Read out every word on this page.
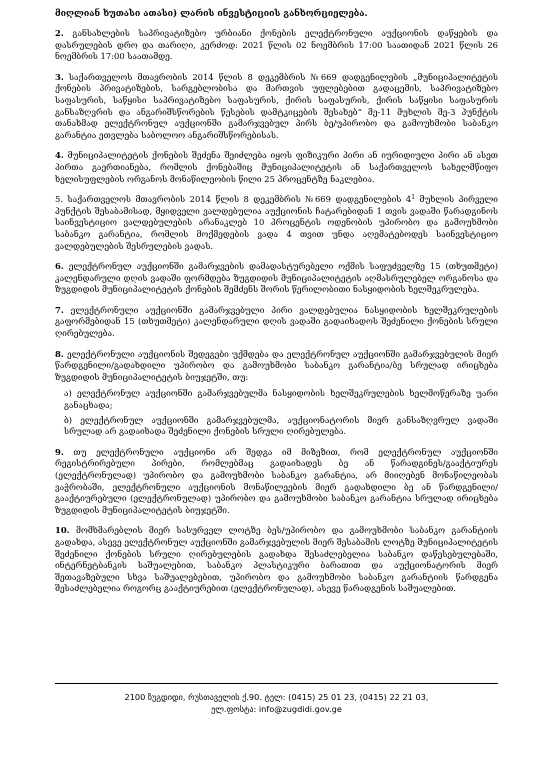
მიღლიან ხუთასი ათასი) ლარის ინვესტიციის განხორციელება.

2. განსახლების საპრივატიზებო ურბიანი ქონების ელექტრონული აუქციონის დაწყების და დასრულების დრო და თარიღი, კერძოდ: 2021 წლის 02 ნოემბრის 17:00 საათიდან 2021 წლის 26 ნოემბრის 17:00 საათამდე.

3. საქართველოს მთავრობის 2014 წლის 8 დეკემბრის №669 დადგენილების „მუნიციპალიტეტის ქონების პრივატიზების, სარგებლობისა და მართვის უფლებებით გადაცემის, საპრივატიზებო საფასურის, საწყისი საპრივატიზებო საფასურის, ქირის საფასურის, ქირის საწყისი საფასურის განსაზღვრის და ანგარიშსწორების წესების დამტკიცების შესახებ“ მე-11 მუხლის მე-3 პუნქტის თანახმად ელექტრონულ აუქციონში გამარჯვებულ პირს ბე/უპირობო და გამოუხმობი საბანკო გარანტია ეთვლება საბოლოო ანგარიშსწორებისას.

4. მუნიციპალიტეტის ქონების შეძენა შეიძლება იყოს ფიზიკური პირი ან იურიდიული პირი ან ასეთ პირთა გაერთიანება, რომლის ქონებაშიც მუნიციპალიტეტის ან საქართველოს სახელმწიფო ხელისუფლების ორგანოს მონაწილეობის წილი 25 პროცენტზე ნაკლებია.

5. საქართველოს მთავრობის 2014 წლის 8 დეკემბრის №669 დადგენილების $4^1$ მუხლის პირველი პუნქტის შესაბამისად, მყიდველი ვალდებულია აუქციონის ჩატარებიდან 1 თვის ვადაში წარადგინოს საინვესტიციო ვალდებულების არანაკლებ 10 პროცენტის ოდენობის უპირობო და გამოუხმობი საბანკო გარანტია, რომლის მოქმედების ვადა 4 თვით უნდა აღემატებოდეს საინვესტიციო ვალდებულების შესრულების ვადას.

6. ელექტრონულ აუქციონში გამარჯვების დამადასტურებელი ოქმის საფუძველზე 15 (თხუთმეტი) კალენდარული დღის ვადაში ფორმდება ზუგდიდის მუნიციპალიტეტის აღმასრულებელ ორგანოსა და ზუგდიდის მუნიციპალიტეტის ქონების შემძენს შორის წერილობითი ნასყიდობის ხელშეკრულება.

7. ელექტრონული აუქციონში გამარჯვებული პირი ვალდებულია ნასყიდობის ხელშეკრულების გაფორმებიდან 15 (თხუთმეტი) კალენდარული დღის ვადაში გადაიხადოს შეძენილი ქონების სრული ღირებულება.

8. ელექტრონული აუქციონის შედეგები უქმდება და ელექტრონულ აუქციონში გამარჯვებულის მიერ წარდგენილი/გადახდილი უპირობო და გამოუხმობი საბანკო გარანტია/ბე სრულად ირიცხება ზუგდიდის მუნიციპალიტეტის ბიუჯეტში, თუ:

ა) ელექტრონულ აუქციონში გამარჯვებულმა ნასყიდობის ხელშეკრულების ხელმოწერაზე უარი განაცხადა;

ბ) ელექტრონულ აუქციონში გამარჯვებულმა, აუქციონატორის მიერ განსაზღვრულ ვადაში სრულად არ გადაიხადა შეძენილი ქონების სრული ღირებულება.

9. თუ ელექტრონული აუქციონი არ შედგა იმ მიზეზით, რომ ელექტრონულ აუქციონში რეგისტრირებული პირები, რომლებმაც გადაიხადეს ბე ან წარადგინეს/გააქტიურეს (ელექტრონულად) უპირობო და გამოუხმობი საბანკო გარანტია, არ მიიღებენ მონაწილეობას ვაჭრობაში, ელექტრონული აუქციონის მონაწილეების მიერ გადახდილი ბე ან წარდგენილი/გააქტიურებული (ელექტრონულად) უპირობო და გამოუხმობი საბანკო გარანტია სრულად ირიცხება ზუგდიდის მუნიციპალიტეტის ბიუჯეტში.

10. მომხმარებლის მიერ სასურველ ლოტზე ბეს/უპირობო და გამოუხმობი საბანკო გარანტიის გადახდა, ასევე ელექტრონულ აუქციონში გამარჯვებულის მიერ შესაბამის ლოტზე მუნიციპალიტეტის შეძენილი ქონების სრული ღირებულების გადახდა შესაძლებელია საბანკო დაწესებულებაში, ინტერნეტბანკის საშუალებით, საბანკო პლასტიკური ბარათით და აუქციონატორის მიერ შეთავაზებული სხვა საშუალებებით, უპირობო და გამოუხმობი საბანკო გარანტიის წარდგენა შესაძლებელია როგორც გააქტიურებით (ელექტრონულად), ასევე წარადგენის საშუალებით.

2100 ზუგდიდი, რუსთაველის ქ.90. ტელ: (0415) 25 01 23, (0415) 22 21 03,
ელ.ფოსტა: info@zugdidi.gov.ge
